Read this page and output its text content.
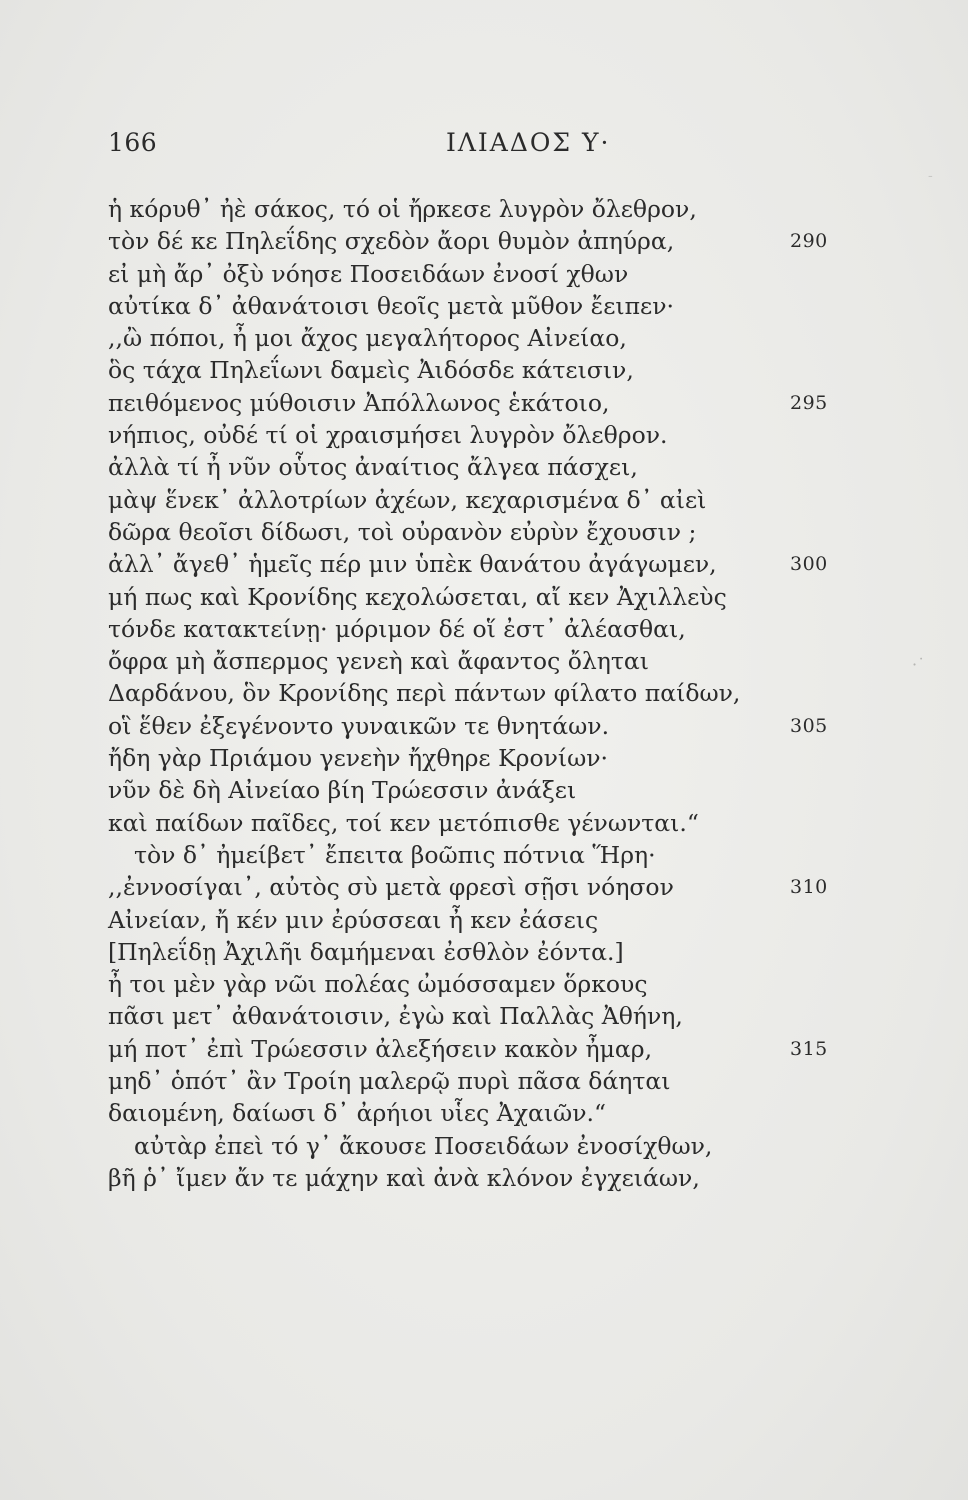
166	ΙΛΙΑΔΟΣ Υ·
ἡ κόρυθ᾽ ἠὲ σάκος, τό οἱ ἤρκεσε λυγρὸν ὄλεθρον,
τὸν δέ κε Πηλεΐδης σχεδὸν ἄορι θυμὸν ἀπηύρα,	290
εἰ μὴ ἄρ᾽ ὀξὺ νόησε Ποσειδάων ἐνοσί χθων
αὐτίκα δ᾽ ἀθανάτοισι θεοῖς μετὰ μῦθον ἔειπεν·
,,ὢ πόποι, ἦ μοι ἄχος μεγαλήτορος Αἰνείαο,
ὃς τάχα Πηλεΐωνι δαμεὶς Ἀιδόσδε κάτεισιν,
πειθόμενος μύθοισιν Ἀπόλλωνος ἑκάτοιο,	295
νήπιος, οὐδέ τί οἱ χραισμήσει λυγρὸν ὄλεθρον.
ἀλλὰ τί ἦ νῦν οὗτος ἀναίτιος ἄλγεα πάσχει,
μὰψ ἕνεκ᾽ ἀλλοτρίων ἀχέων, κεχαρισμένα δ᾽ αἰεὶ
δῶρα θεοῖσι δίδωσι, τοὶ οὐρανὸν εὐρὺν ἔχουσιν ;
ἀλλ᾽ ἄγεθ᾽ ἡμεῖς πέρ μιν ὑπὲκ θανάτου ἀγάγωμεν,	300
μή πως καὶ Κρονίδης κεχολώσεται, αἴ κεν Ἀχιλλεὺς
τόνδε κατακτείνῃ· μόριμον δέ οἵ ἐστ᾽ ἀλέασθαι,
ὄφρα μὴ ἄσπερμος γενεὴ καὶ ἄφαντος ὄληται
Δαρδάνου, ὃν Κρονίδης περὶ πάντων φίλατο παίδων,
οἳ ἕθεν ἐξεγένοντο γυναικῶν τε θνητάων.	305
ἤδη γὰρ Πριάμου γενεὴν ἤχθηρε Κρονίων·
νῦν δὲ δὴ Αἰνείαο βίη Τρώεσσιν ἀνάξει
καὶ παίδων παῖδες, τοί κεν μετόπισθε γένωνται.“
τὸν δ᾽ ἠμείβετ᾽ ἔπειτα βοῶπις πότνια Ἥρη·
,,ἐννοσίγαι᾽, αὐτὸς σὺ μετὰ φρεσὶ σῇσι νόησον	310
Αἰνείαν, ἤ κέν μιν ἐρύσσεαι ἦ κεν ἐάσεις
[Πηλεΐδῃ Ἀχιλῆι δαμήμεναι ἐσθλὸν ἐόντα.]
ἦ τοι μὲν γὰρ νῶι πολέας ὠμόσσαμεν ὅρκους
πᾶσι μετ᾽ ἀθανάτοισιν, ἐγὼ καὶ Παλλὰς Ἀθήνη,
μή ποτ᾽ ἐπὶ Τρώεσσιν ἀλεξήσειν κακὸν ἦμαρ,	315
μηδ᾽ ὁπότ᾽ ἂν Τροίη μαλερῷ πυρὶ πᾶσα δάηται
δαιομένη, δαίωσι δ᾽ ἀρήιοι υἷες Ἀχαιῶν.“
αὐτὰρ ἐπεὶ τό γ᾽ ἄκουσε Ποσειδάων ἐνοσίχθων,
βῆ ῥ᾽ ἴμεν ἄν τε μάχην καὶ ἀνὰ κλόνον ἐγχειάων,
-
·˙
